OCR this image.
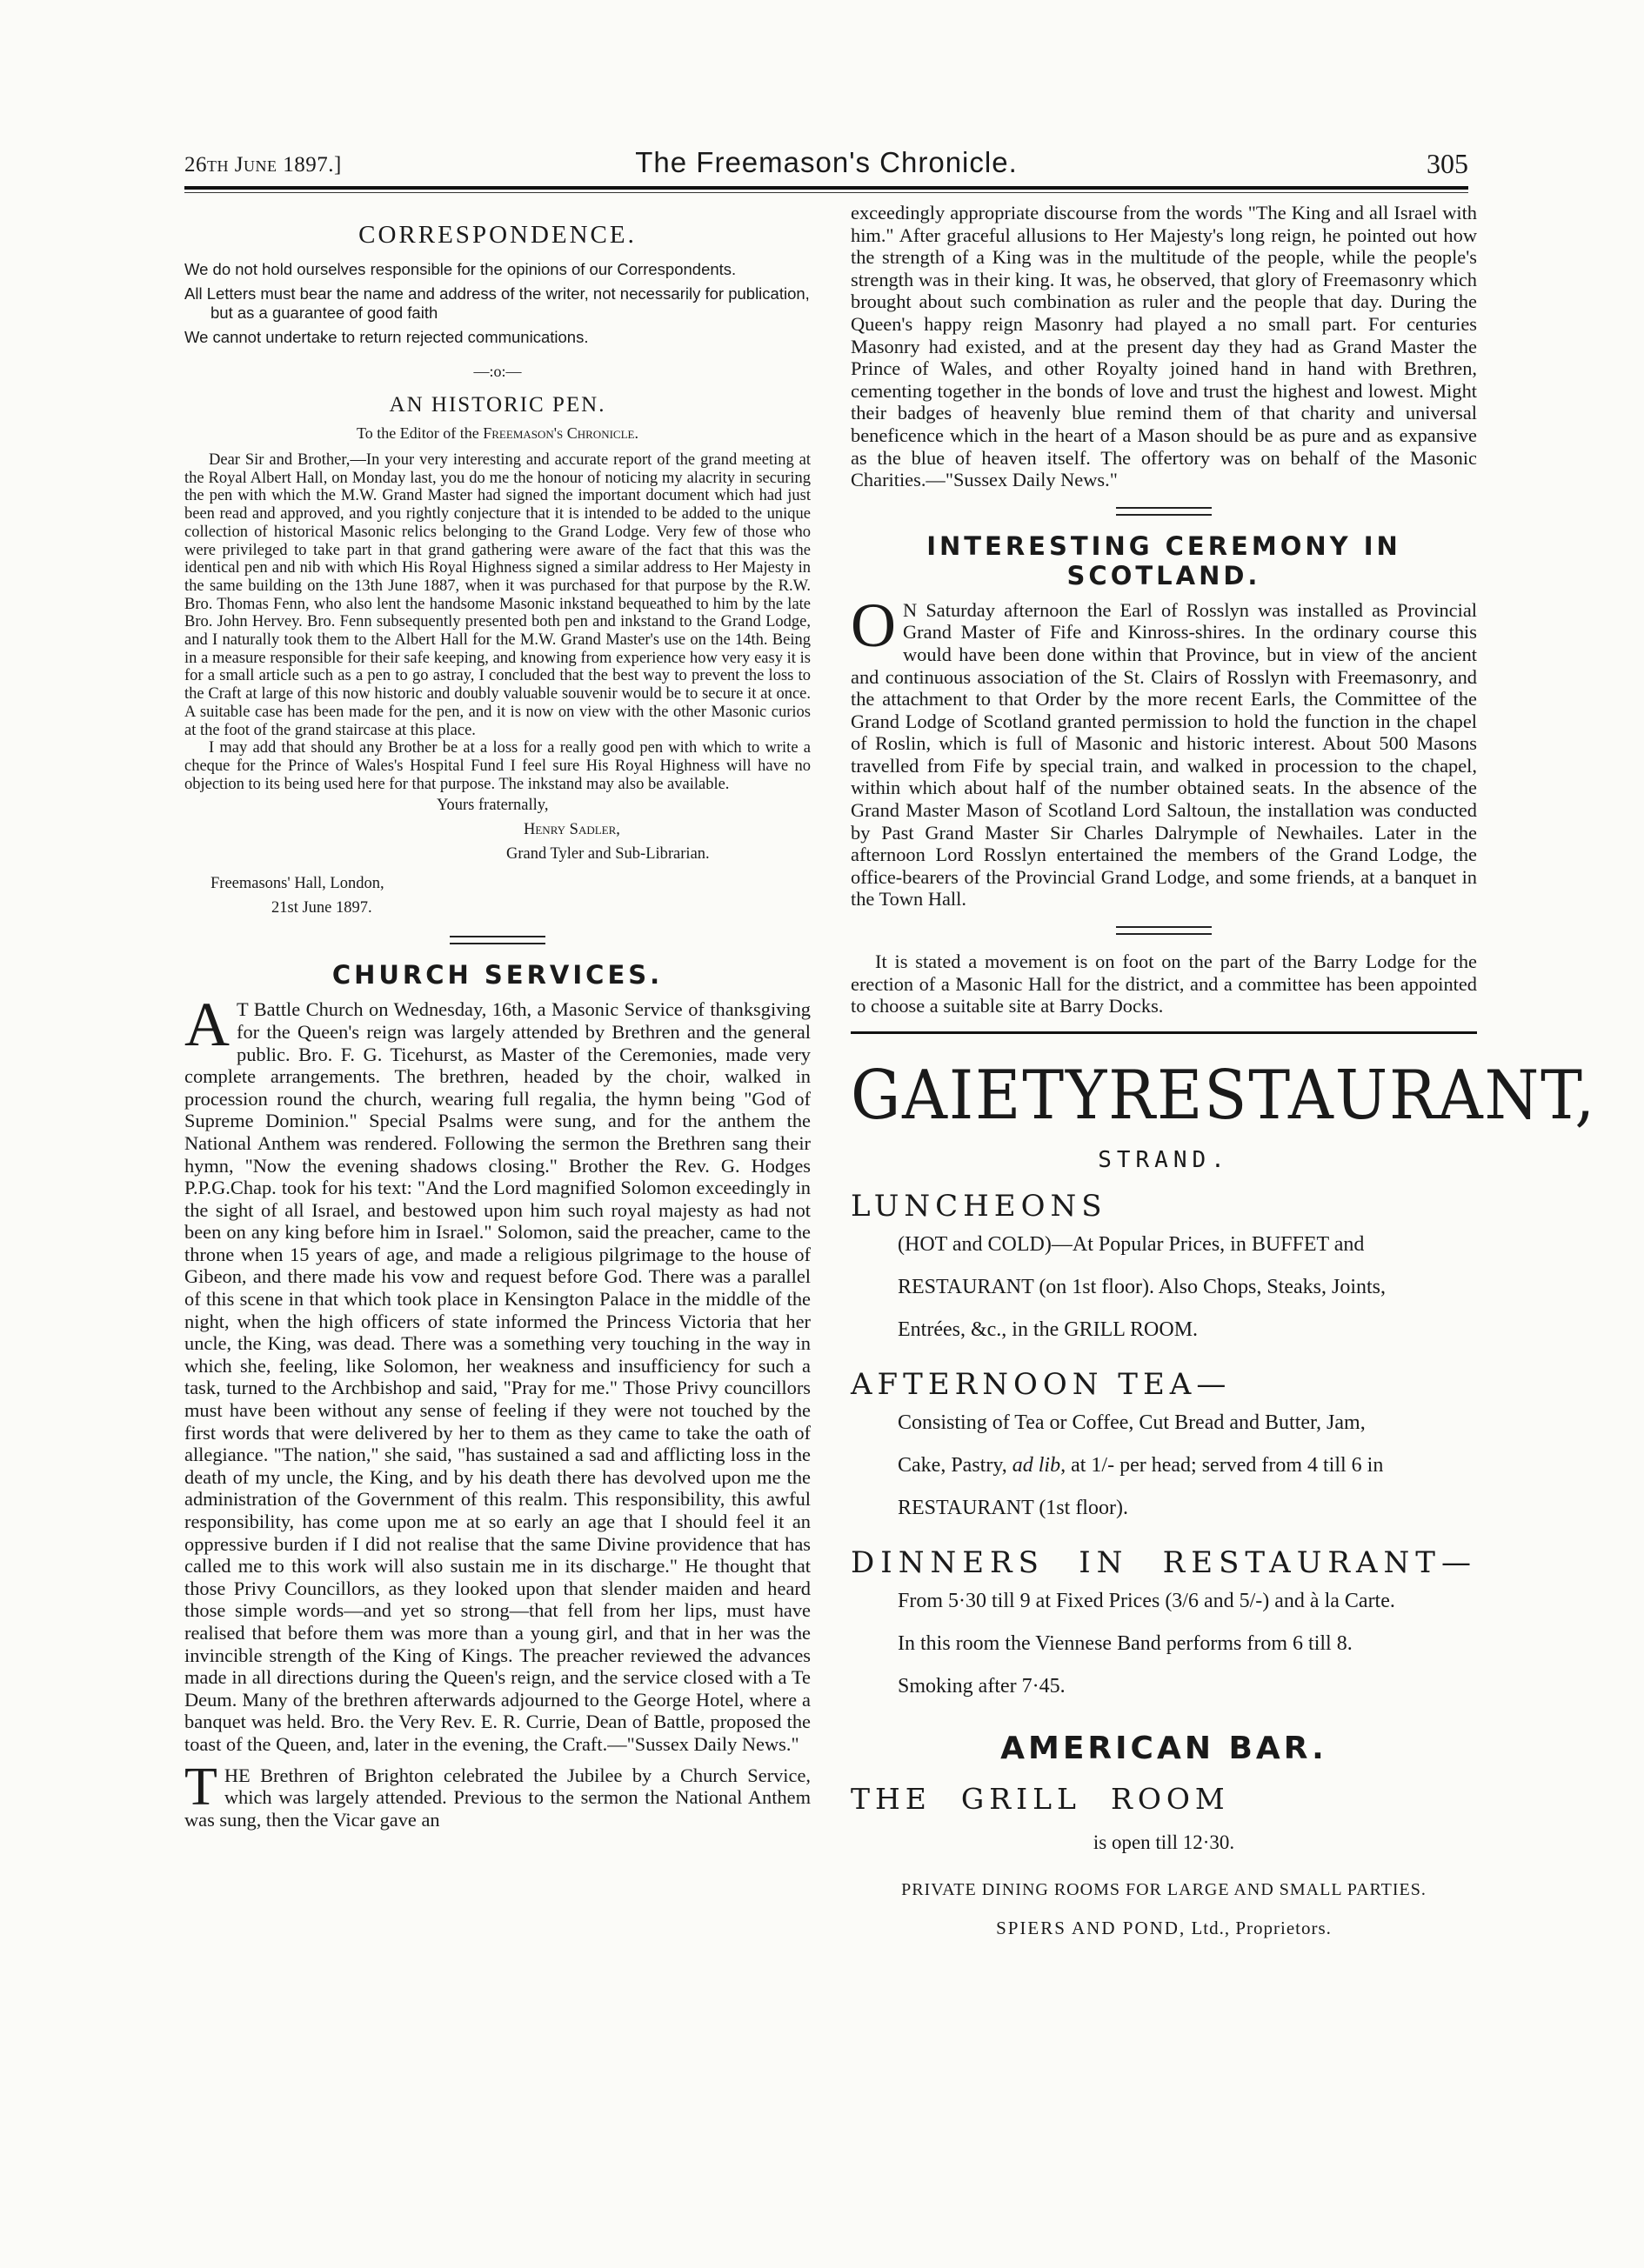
26th June 1897.]	The Freemason's Chronicle.	305
CORRESPONDENCE.

We do not hold ourselves responsible for the opinions of our Correspondents.

All Letters must bear the name and address of the writer, not necessarily for publication, but as a guarantee of good faith

We cannot undertake to return rejected communications.

—:o:—
AN HISTORIC PEN.
To the Editor of the Freemason's Chronicle.

Dear Sir and Brother,—In your very interesting and accurate report of the grand meeting at the Royal Albert Hall, on Monday last, you do me the honour of noticing my alacrity in securing the pen with which the M.W. Grand Master had signed the important document which had just been read and approved, and you rightly conjecture that it is intended to be added to the unique collection of historical Masonic relics belonging to the Grand Lodge. Very few of those who were privileged to take part in that grand gathering were aware of the fact that this was the identical pen and nib with which His Royal Highness signed a similar address to Her Majesty in the same building on the 13th June 1887, when it was purchased for that purpose by the R.W. Bro. Thomas Fenn, who also lent the handsome Masonic inkstand bequeathed to him by the late Bro. John Hervey. Bro. Fenn subsequently presented both pen and inkstand to the Grand Lodge, and I naturally took them to the Albert Hall for the M.W. Grand Master's use on the 14th. Being in a measure responsible for their safe keeping, and knowing from experience how very easy it is for a small article such as a pen to go astray, I concluded that the best way to prevent the loss to the Craft at large of this now historic and doubly valuable souvenir would be to secure it at once. A suitable case has been made for the pen, and it is now on view with the other Masonic curios at the foot of the grand staircase at this place.

I may add that should any Brother be at a loss for a really good pen with which to write a cheque for the Prince of Wales's Hospital Fund I feel sure His Royal Highness will have no objection to its being used here for that purpose. The inkstand may also be available.

Yours fraternally,
Henry Sadler,
Grand Tyler and Sub-Librarian.
Freemasons' Hall, London,
21st June 1897.
CHURCH SERVICES.

A T Battle Church on Wednesday, 16th, a Masonic Service of thanksgiving for the Queen's reign was largely attended by Brethren and the general public. Bro. F. G. Ticehurst, as Master of the Ceremonies, made very complete arrangements. The brethren, headed by the choir, walked in procession round the church, wearing full regalia, the hymn being "God of Supreme Dominion." Special Psalms were sung, and for the anthem the National Anthem was rendered. Following the sermon the Brethren sang their hymn, "Now the evening shadows closing." Brother the Rev. G. Hodges P.P.G.Chap. took for his text: "And the Lord magnified Solomon exceedingly in the sight of all Israel, and bestowed upon him such royal majesty as had not been on any king before him in Israel." Solomon, said the preacher, came to the throne when 15 years of age, and made a religious pilgrimage to the house of Gibeon, and there made his vow and request before God. There was a parallel of this scene in that which took place in Kensington Palace in the middle of the night, when the high officers of state informed the Princess Victoria that her uncle, the King, was dead. There was a something very touching in the way in which she, feeling, like Solomon, her weakness and insufficiency for such a task, turned to the Archbishop and said, "Pray for me." Those Privy councillors must have been without any sense of feeling if they were not touched by the first words that were delivered by her to them as they came to take the oath of allegiance. "The nation," she said, "has sustained a sad and afflicting loss in the death of my uncle, the King, and by his death there has devolved upon me the administration of the Government of this realm. This responsibility, this awful responsibility, has come upon me at so early an age that I should feel it an oppressive burden if I did not realise that the same Divine providence that has called me to this work will also sustain me in its discharge." He thought that those Privy Councillors, as they looked upon that slender maiden and heard those simple words—and yet so strong—that fell from her lips, must have realised that before them was more than a young girl, and that in her was the invincible strength of the King of Kings. The preacher reviewed the advances made in all directions during the Queen's reign, and the service closed with a Te Deum. Many of the brethren afterwards adjourned to the George Hotel, where a banquet was held. Bro. the Very Rev. E. R. Currie, Dean of Battle, proposed the toast of the Queen, and, later in the evening, the Craft.—"Sussex Daily News."

THE Brethren of Brighton celebrated the Jubilee by a Church Service, which was largely attended. Previous to the sermon the National Anthem was sung, then the Vicar gave an

exceedingly appropriate discourse from the words "The King and all Israel with him." After graceful allusions to Her Majesty's long reign, he pointed out how the strength of a King was in the multitude of the people, while the people's strength was in their king. It was, he observed, that glory of Freemasonry which brought about such combination as ruler and the people that day. During the Queen's happy reign Masonry had played a no small part. For centuries Masonry had existed, and at the present day they had as Grand Master the Prince of Wales, and other Royalty joined hand in hand with Brethren, cementing together in the bonds of love and trust the highest and lowest. Might their badges of heavenly blue remind them of that charity and universal beneficence which in the heart of a Mason should be as pure and as expansive as the blue of heaven itself. The offertory was on behalf of the Masonic Charities.—"Sussex Daily News."

INTERESTING CEREMONY IN SCOTLAND.

O N Saturday afternoon the Earl of Rosslyn was installed as Provincial Grand Master of Fife and Kinross-shires. In the ordinary course this would have been done within that Province, but in view of the ancient and continuous association of the St. Clairs of Rosslyn with Freemasonry, and the attachment to that Order by the more recent Earls, the Committee of the Grand Lodge of Scotland granted permission to hold the function in the chapel of Roslin, which is full of Masonic and historic interest. About 500 Masons travelled from Fife by special train, and walked in procession to the chapel, within which about half of the number obtained seats. In the absence of the Grand Master Mason of Scotland Lord Saltoun, the installation was conducted by Past Grand Master Sir Charles Dalrymple of Newhailes. Later in the afternoon Lord Rosslyn entertained the members of the Grand Lodge, the office-bearers of the Provincial Grand Lodge, and some friends, at a banquet in the Town Hall.

It is stated a movement is on foot on the part of the Barry Lodge for the erection of a Masonic Hall for the district, and a committee has been appointed to choose a suitable site at Barry Docks.

GAIETY RESTAURANT,
STRAND.
LUNCHEONS
(HOT and COLD)—At Popular Prices, in BUFFET and
RESTAURANT (on 1st floor). Also Chops, Steaks, Joints,
Entrées, &c., in the GRILL ROOM.
AFTERNOON TEA—
Consisting of Tea or Coffee, Cut Bread and Butter, Jam,
Cake, Pastry, ad lib, at 1/- per head; served from 4 till 6 in
RESTAURANT (1st floor).
DINNERS IN RESTAURANT—
From 5·30 till 9 at Fixed Prices (3/6 and 5/-) and à la Carte.
In this room the Viennese Band performs from 6 till 8.
Smoking after 7·45.
AMERICAN BAR.
THE GRILL ROOM
is open till 12·30.
PRIVATE DINING ROOMS FOR LARGE AND SMALL PARTIES.
SPIERS AND POND, Ltd., Proprietors.
